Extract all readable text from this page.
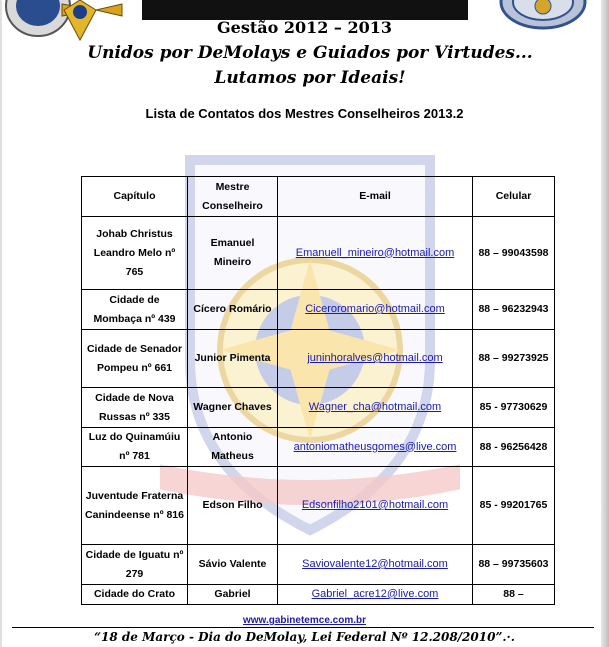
Gestão 2012 – 2013
Unidos por DeMolays e Guiados por Virtudes... Lutamos por Ideais!
Lista de Contatos dos Mestres Conselheiros 2013.2
Capítulo	Mestre Conselheiro	E-mail	Celular
Johab Christus Leandro Melo nº 765	Emanuel Mineiro	Emanuell_mineiro@hotmail.com	88 – 99043598
Cidade de Mombaça nº 439	Cícero Romário	Ciceroromario@hotmail.com	88 – 96232943
Cidade de Senador Pompeu nº 661	Junior Pimenta	juninhoralves@hotmail.com	88 – 99273925
Cidade de Nova Russas nº 335	Wagner Chaves	Wagner_cha@hotmail.com	85 - 97730629
Luz do Quinamúiu nº 781	Antonio Matheus	antoniomatheusgomes@live.com	88 - 96256428
Juventude Fraterna Canindeense nº 816	Edson Filho	Edsonfilho2101@hotmail.com	85 - 99201765
Cidade de Iguatu nº 279	Sávio Valente	Saviovalente12@hotmail.com	88 – 99735603
Cidade do Crato	Gabriel	Gabriel_acre12@live.com	88 –
www.gabinetemce.com.br
“18 de Março - Dia do DeMolay, Lei Federal Nº 12.208/2010”.·.
